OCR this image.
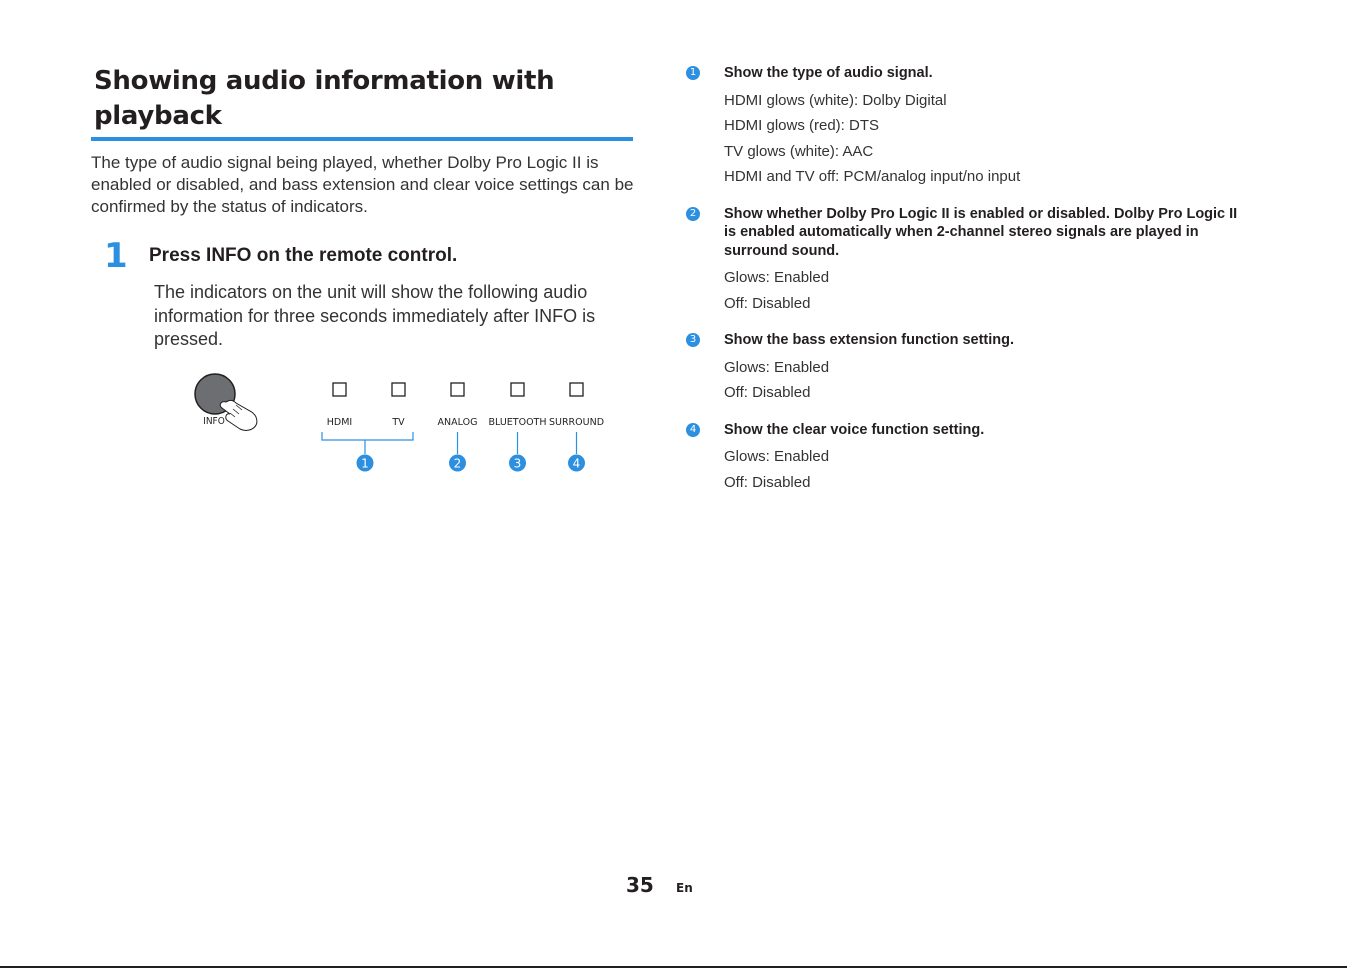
Showing audio information with playback

The type of audio signal being played, whether Dolby Pro Logic II is enabled or disabled, and bass extension and clear voice settings can be confirmed by the status of indicators.

1 Press INFO on the remote control.

The indicators on the unit will show the following audio information for three seconds immediately after INFO is pressed.

INFO	HDMI	TV	ANALOG BLUETOOTH SURROUND
1	2	3	4
1 Show the type of audio signal.
HDMI glows (white): Dolby Digital
HDMI glows (red): DTS
TV glows (white): AAC
HDMI and TV off: PCM/analog input/no input
2 Show whether Dolby Pro Logic II is enabled or disabled. Dolby Pro Logic II is enabled automatically when 2-channel stereo signals are played in surround sound.
Glows: Enabled
Off: Disabled
3 Show the bass extension function setting.
Glows: Enabled
Off: Disabled
4 Show the clear voice function setting.
Glows: Enabled
Off: Disabled
35 En
